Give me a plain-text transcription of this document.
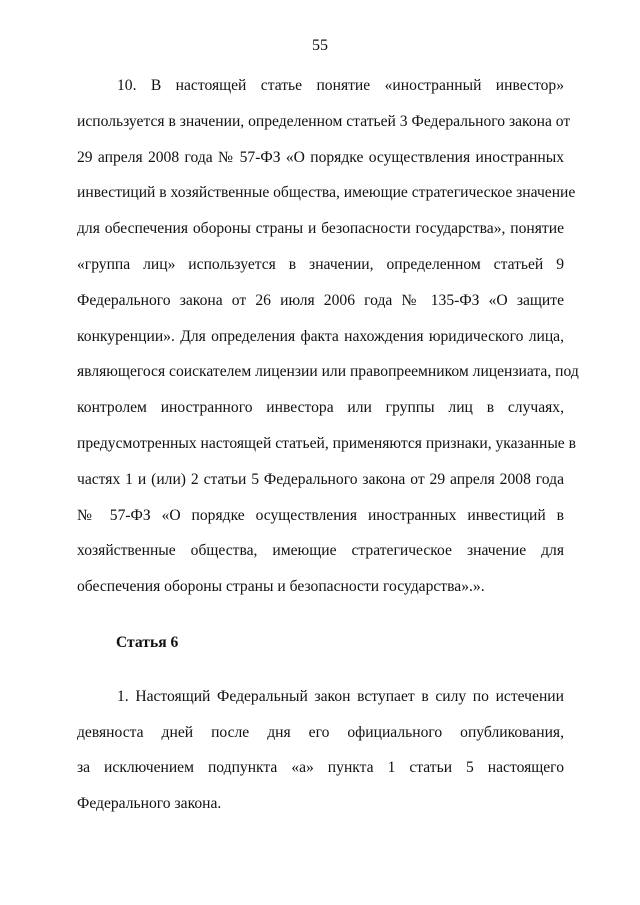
55

10. В настоящей статье понятие «иностранный инвестор»
используется в значении, определенном статьей 3 Федерального закона от
29 апреля 2008 года № 57-ФЗ «О порядке осуществления иностранных
инвестиций в хозяйственные общества, имеющие стратегическое значение
для обеспечения обороны страны и безопасности государства», понятие
«группа лиц» используется в значении, определенном статьей 9
Федерального закона от 26 июля 2006 года № 135-ФЗ «О защите
конкуренции». Для определения факта нахождения юридического лица,
являющегося соискателем лицензии или правопреемником лицензиата, под
контролем иностранного инвестора или группы лиц в случаях,
предусмотренных настоящей статьей, применяются признаки, указанные в
частях 1 и (или) 2 статьи 5 Федерального закона от 29 апреля 2008 года
№ 57-ФЗ «О порядке осуществления иностранных инвестиций в
хозяйственные общества, имеющие стратегическое значение для
обеспечения обороны страны и безопасности государства».».

Статья 6

1. Настоящий Федеральный закон вступает в силу по истечении
девяноста дней после дня его официального опубликования,
за исключением подпункта «а» пункта 1 статьи 5 настоящего
Федерального закона.
